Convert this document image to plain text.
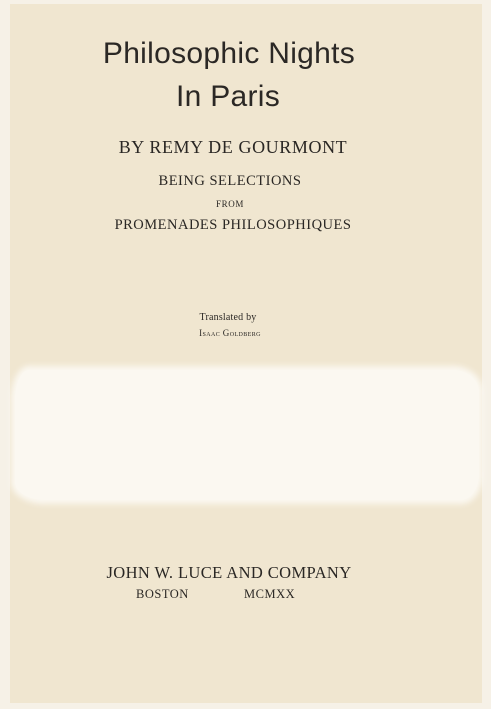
Philosophic Nights
In Paris
BY REMY DE GOURMONT
BEING SELECTIONS
FROM
PROMENADES PHILOSOPHIQUES
Translated by
Isaac Goldberg
JOHN W. LUCE AND COMPANY
BOSTON	MCMXX
